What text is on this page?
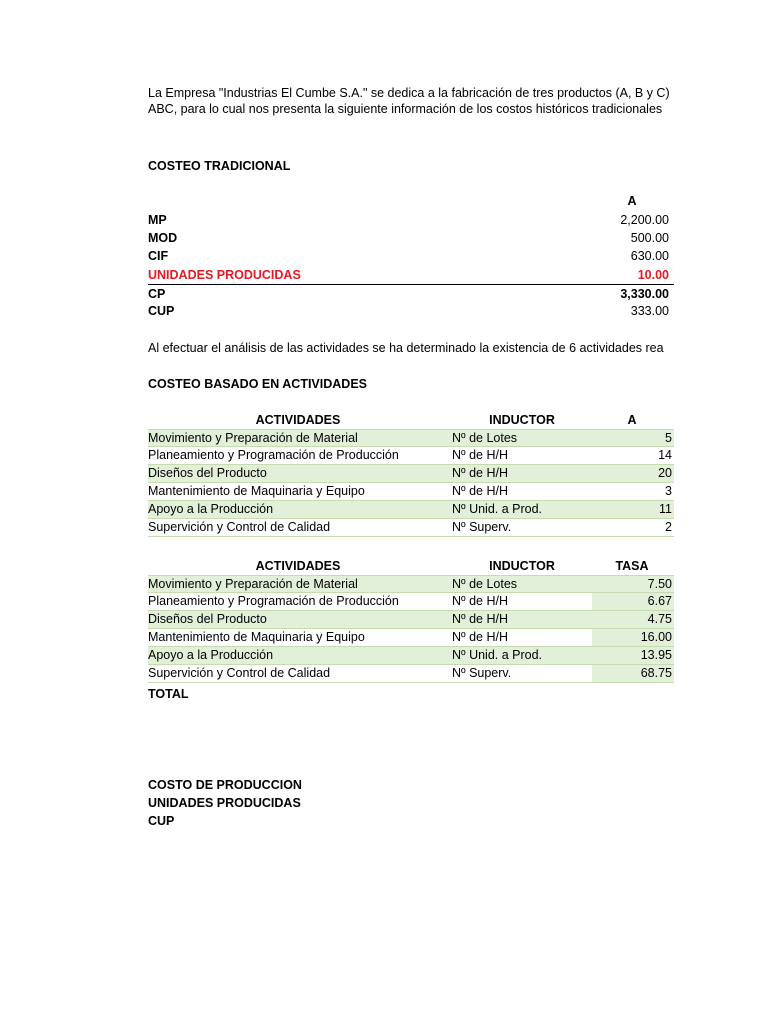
La Empresa "Industrias El Cumbe S.A." se dedica a la fabricación de tres productos (A, B y C)
ABC, para lo cual nos presenta la siguiente información de los costos históricos tradicionales
COSTEO TRADICIONAL
A
MP	2,200.00
MOD	500.00
CIF	630.00
UNIDADES PRODUCIDAS	10.00
CP	3,330.00
CUP	333.00
Al efectuar el análisis de las actividades se ha determinado la existencia de 6 actividades rea
COSTEO BASADO EN ACTIVIDADES
ACTIVIDADES	INDUCTOR	A
Movimiento y Preparación de Material	Nº de Lotes	5
Planeamiento y Programación de Producción	Nº de H/H	14
Diseños del Producto	Nº de H/H	20
Mantenimiento de Maquinaria y Equipo	Nº de H/H	3
Apoyo a la Producción	Nº Unid. a Prod.	11
Supervición y Control de Calidad	Nº Superv.	2
ACTIVIDADES	INDUCTOR	TASA
Movimiento y Preparación de Material	Nº de Lotes	7.50
Planeamiento y Programación de Producción	Nº de H/H	6.67
Diseños del Producto	Nº de H/H	4.75
Mantenimiento de Maquinaria y Equipo	Nº de H/H	16.00
Apoyo a la Producción	Nº Unid. a Prod.	13.95
Supervición y Control de Calidad	Nº Superv.	68.75
TOTAL
COSTO DE PRODUCCION
UNIDADES PRODUCIDAS
CUP
